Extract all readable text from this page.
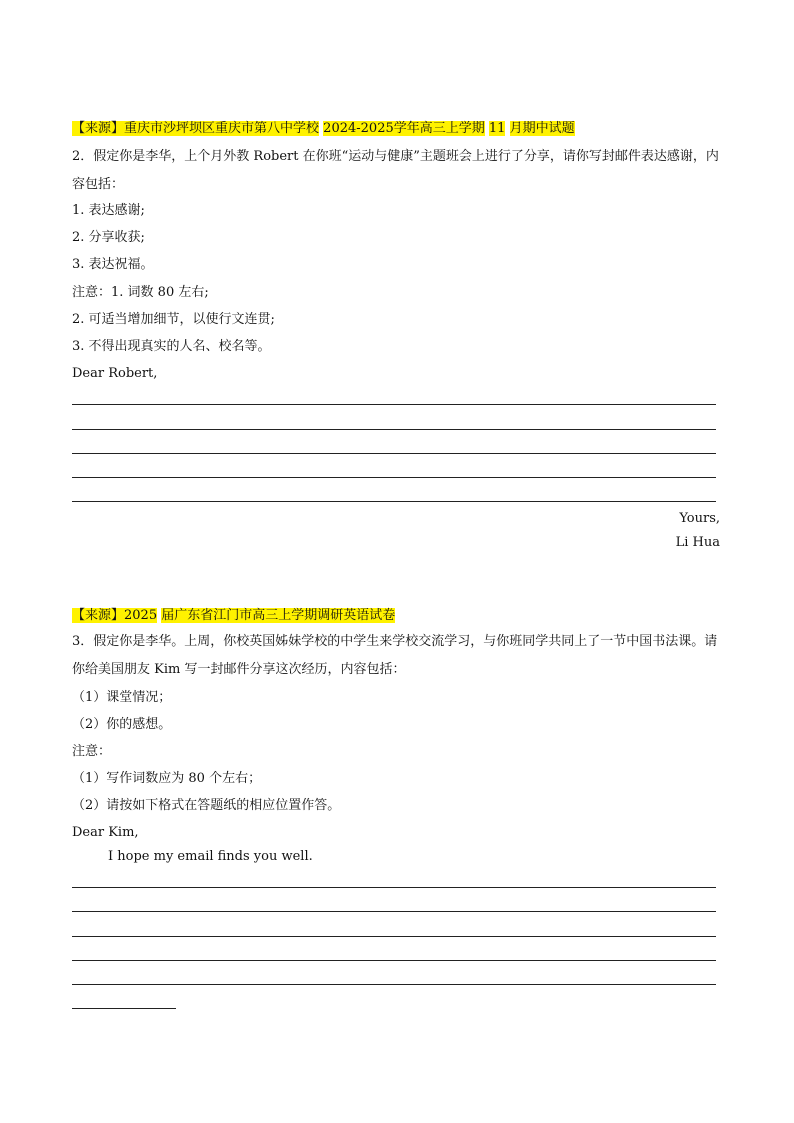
【来源】重庆市沙坪坝区重庆市第八中学校 2024-2025学年高三上学期 11 月期中试题
2．假定你是李华，上个月外教 Robert 在你班“运动与健康”主题班会上进行了分享，请你写封邮件表达感谢，内容包括：
1. 表达感谢;
2. 分享收获;
3. 表达祝福。
注意：1. 词数 80 左右;
2. 可适当增加细节，以使行文连贯;
3. 不得出现真实的人名、校名等。
Dear Robert,
Yours,
Li Hua
【来源】2025 届广东省江门市高三上学期调研英语试卷
3．假定你是李华。上周，你校英国姊妹学校的中学生来学校交流学习，与你班同学共同上了一节中国书法课。请你给美国朋友 Kim 写一封邮件分享这次经历，内容包括：
（1）课堂情况；
（2）你的感想。
注意：
（1）写作词数应为 80 个左右；
（2）请按如下格式在答题纸的相应位置作答。
Dear Kim,
I hope my email finds you well.
